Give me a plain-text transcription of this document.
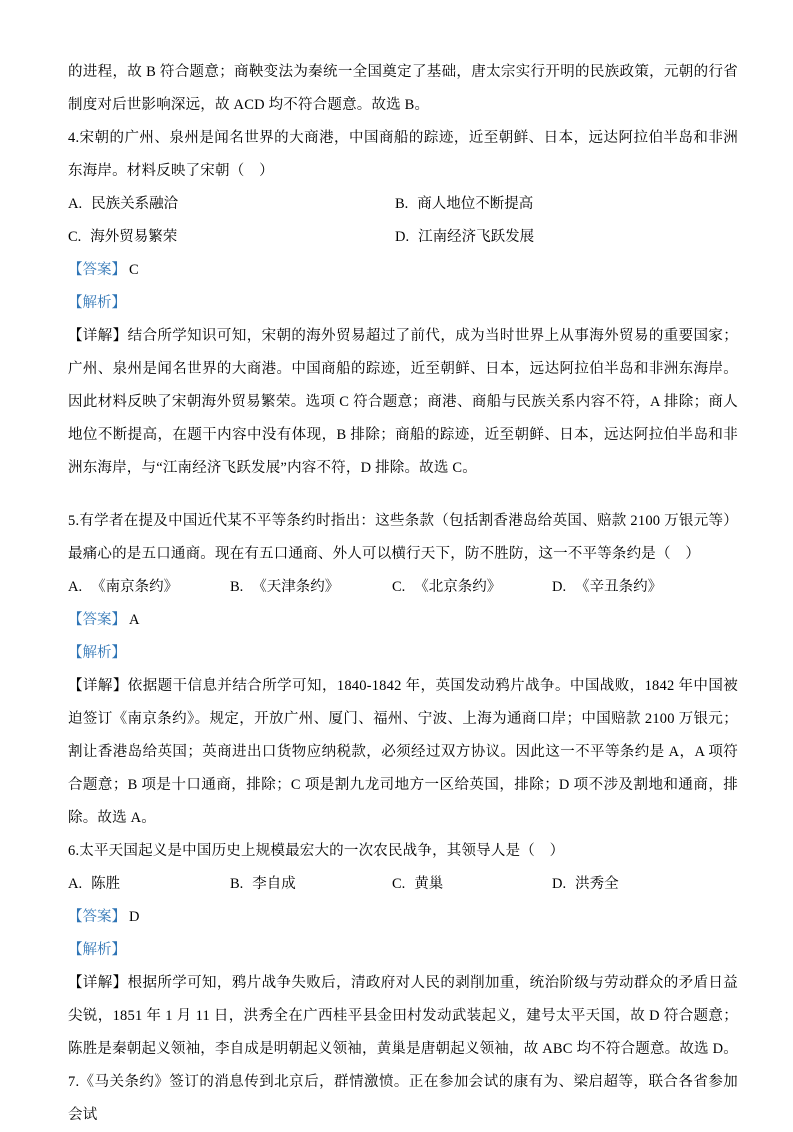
的进程，故 B 符合题意；商鞅变法为秦统一全国奠定了基础，唐太宗实行开明的民族政策，元朝的行省制度对后世影响深远，故 ACD 均不符合题意。故选 B。

4.宋朝的广州、泉州是闻名世界的大商港，中国商船的踪迹，近至朝鲜、日本，远达阿拉伯半岛和非洲东海岸。材料反映了宋朝（　）

A. 民族关系融洽	B. 商人地位不断提高
C. 海外贸易繁荣	D. 江南经济飞跃发展

【答案】 C

【解析】

【详解】结合所学知识可知，宋朝的海外贸易超过了前代，成为当时世界上从事海外贸易的重要国家；广州、泉州是闻名世界的大商港。中国商船的踪迹，近至朝鲜、日本，远达阿拉伯半岛和非洲东海岸。因此材料反映了宋朝海外贸易繁荣。选项 C 符合题意；商港、商船与民族关系内容不符，A 排除；商人地位不断提高，在题干内容中没有体现，B 排除；商船的踪迹，近至朝鲜、日本，远达阿拉伯半岛和非洲东海岸，与“江南经济飞跃发展”内容不符，D 排除。故选 C。

5.有学者在提及中国近代某不平等条约时指出：这些条款（包括割香港岛给英国、赔款 2100 万银元等）最痛心的是五口通商。现在有五口通商、外人可以横行天下，防不胜防，这一不平等条约是（　）

A. 《南京条约》	B. 《天津条约》	C. 《北京条约》	D. 《辛丑条约》

【答案】 A

【解析】

【详解】依据题干信息并结合所学可知，1840-1842 年，英国发动鸦片战争。中国战败，1842 年中国被迫签订《南京条约》。规定，开放广州、厦门、福州、宁波、上海为通商口岸；中国赔款 2100 万银元；割让香港岛给英国；英商进出口货物应纳税款，必须经过双方协议。因此这一不平等条约是 A，A 项符合题意；B 项是十口通商，排除；C 项是割九龙司地方一区给英国，排除；D 项不涉及割地和通商，排除。故选 A。

6.太平天国起义是中国历史上规模最宏大的一次农民战争，其领导人是（　）

A. 陈胜	B. 李自成	C. 黄巢	D. 洪秀全

【答案】 D

【解析】

【详解】根据所学可知，鸦片战争失败后，清政府对人民的剥削加重，统治阶级与劳动群众的矛盾日益尖锐，1851 年 1 月 11 日，洪秀全在广西桂平县金田村发动武装起义，建号太平天国，故 D 符合题意；陈胜是秦朝起义领袖，李自成是明朝起义领袖，黄巢是唐朝起义领袖，故 ABC 均不符合题意。故选 D。

7.《马关条约》签订的消息传到北京后，群情激愤。正在参加会试的康有为、梁启超等，联合各省参加会试
